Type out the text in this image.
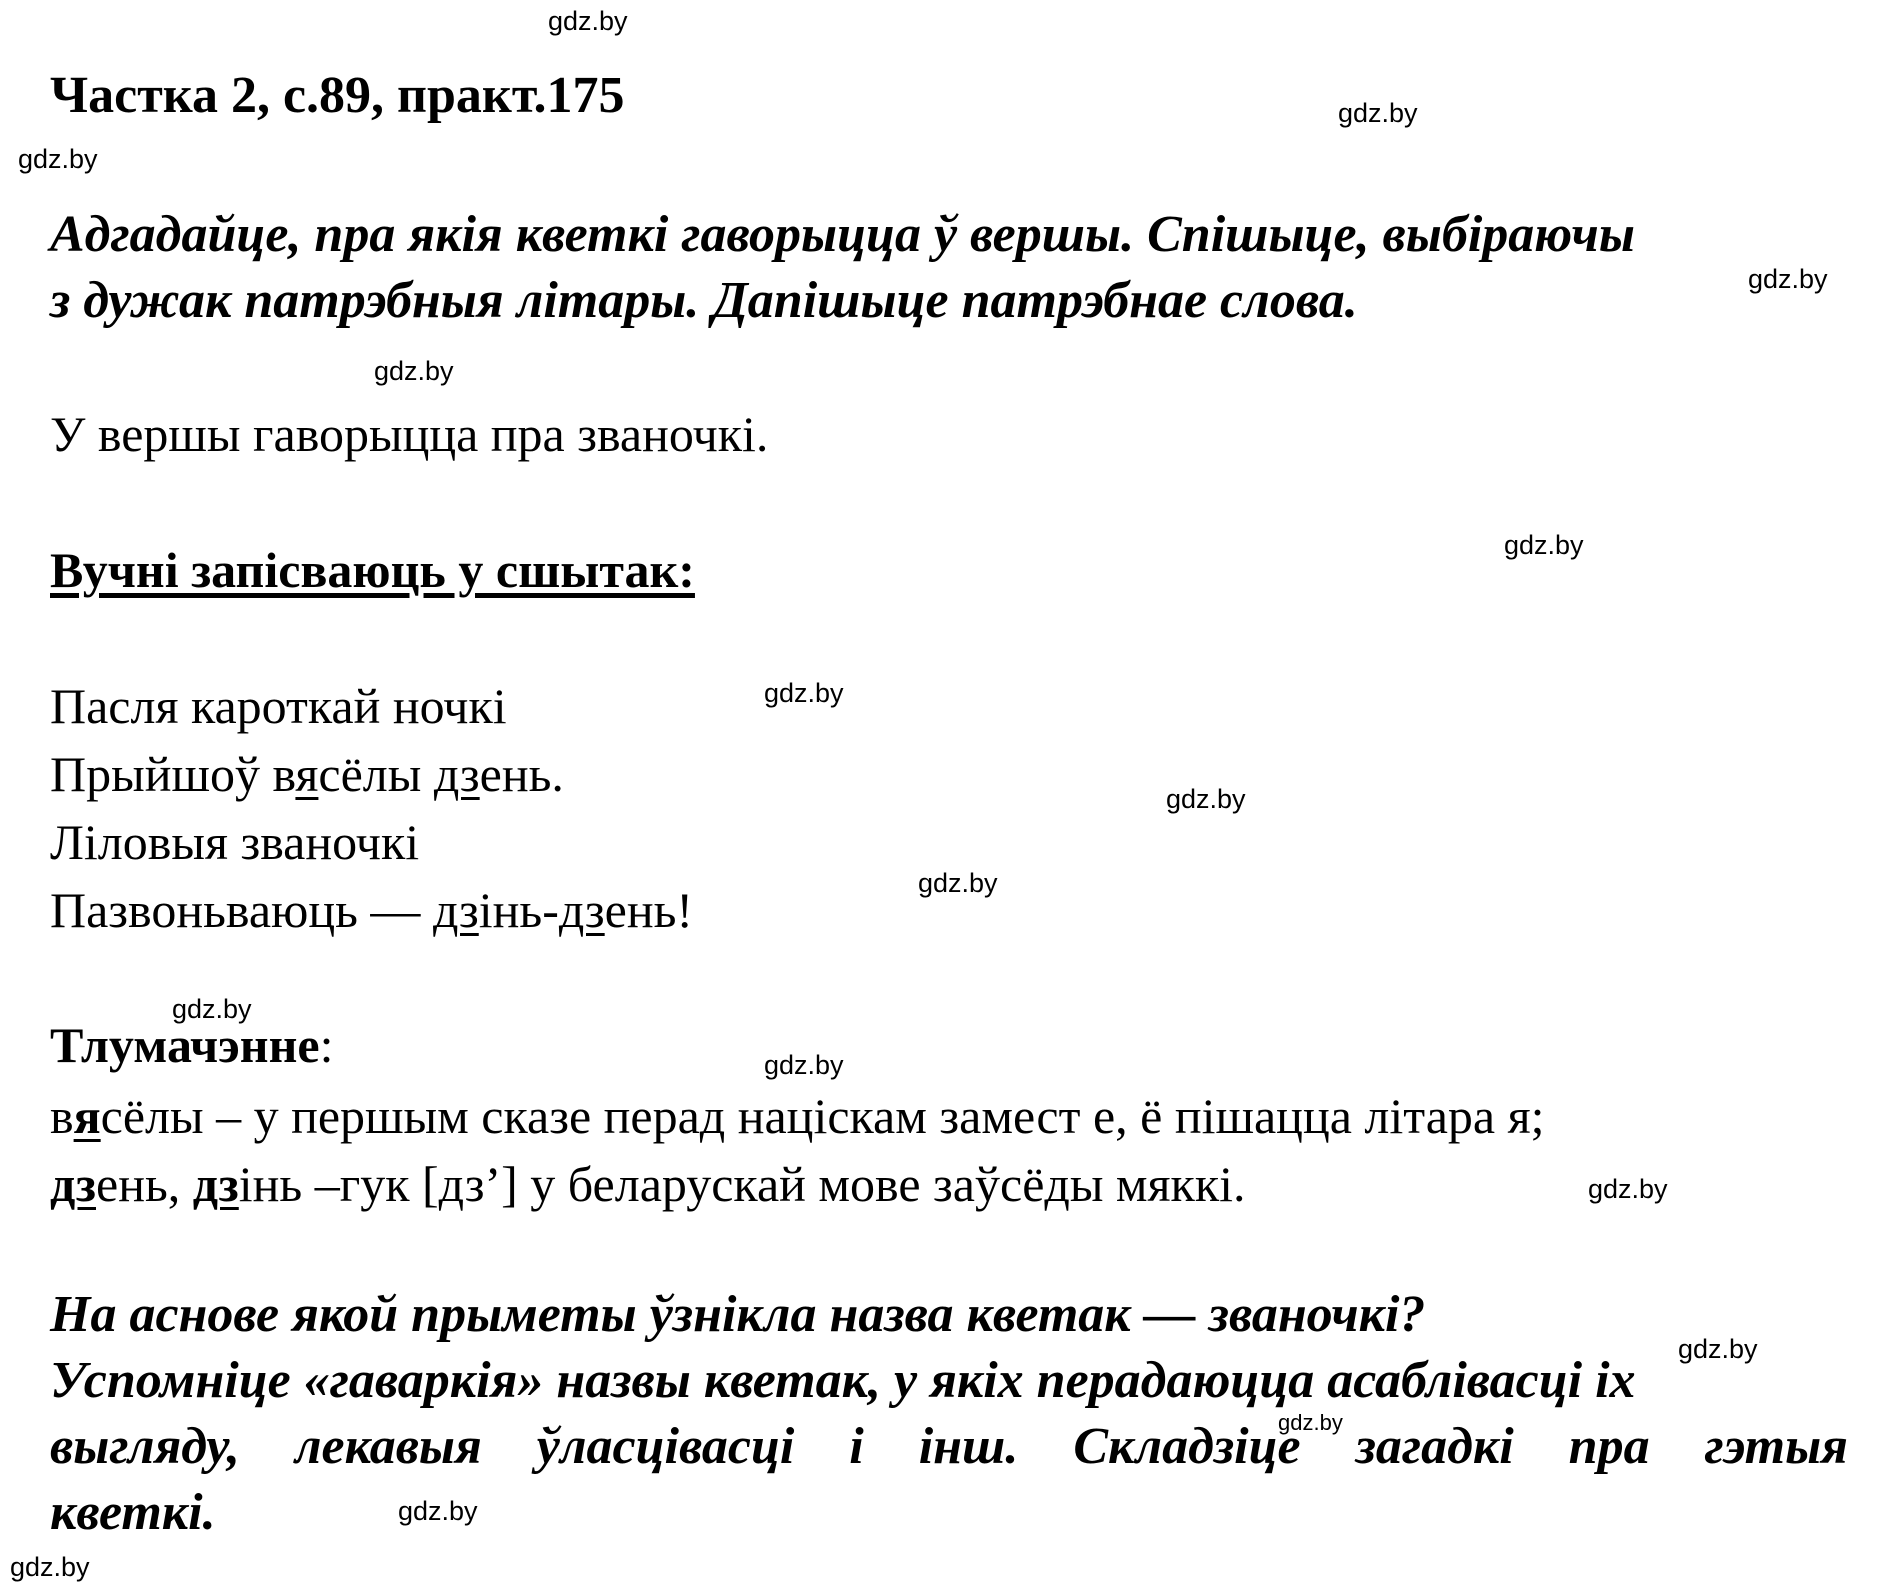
gdz.by
gdz.by
gdz.by
gdz.by
gdz.by
gdz.by
gdz.by
gdz.by
gdz.by
gdz.by
gdz.by
gdz.by
gdz.by
gdz.by
gdz.by
gdz.by
Частка 2, с.89, практ.175
Адгадайце, пра якія кветкі гаворыцца ў вершы. Спішыце, выбіраючы
з дужак патрэбныя літары. Дапішыце патрэбнае слова.
У вершы гаворыцца пра званочкі.
Вучні запісваюць у сшытак:
Пасля кароткай ночкі
Прыйшоў вясёлы дзень.
Ліловыя званочкі
Пазвоньваюць — дзінь-дзень!
Тлумачэнне:
вясёлы – у першым сказе перад націскам замест е, ё пішацца літара я;
дзень, дзінь –гук [дз’] у беларускай мове заўсёды мяккі.
На аснове якой прыметы ўзнікла назва кветак — званочкі?
Успомніце «гаваркія» назвы кветак, у якіх перадаюцца асаблівасці іх
выгляду, лекавыя ўласцівасці і інш. Складзіце загадкі пра гэтыя
кветкі.
